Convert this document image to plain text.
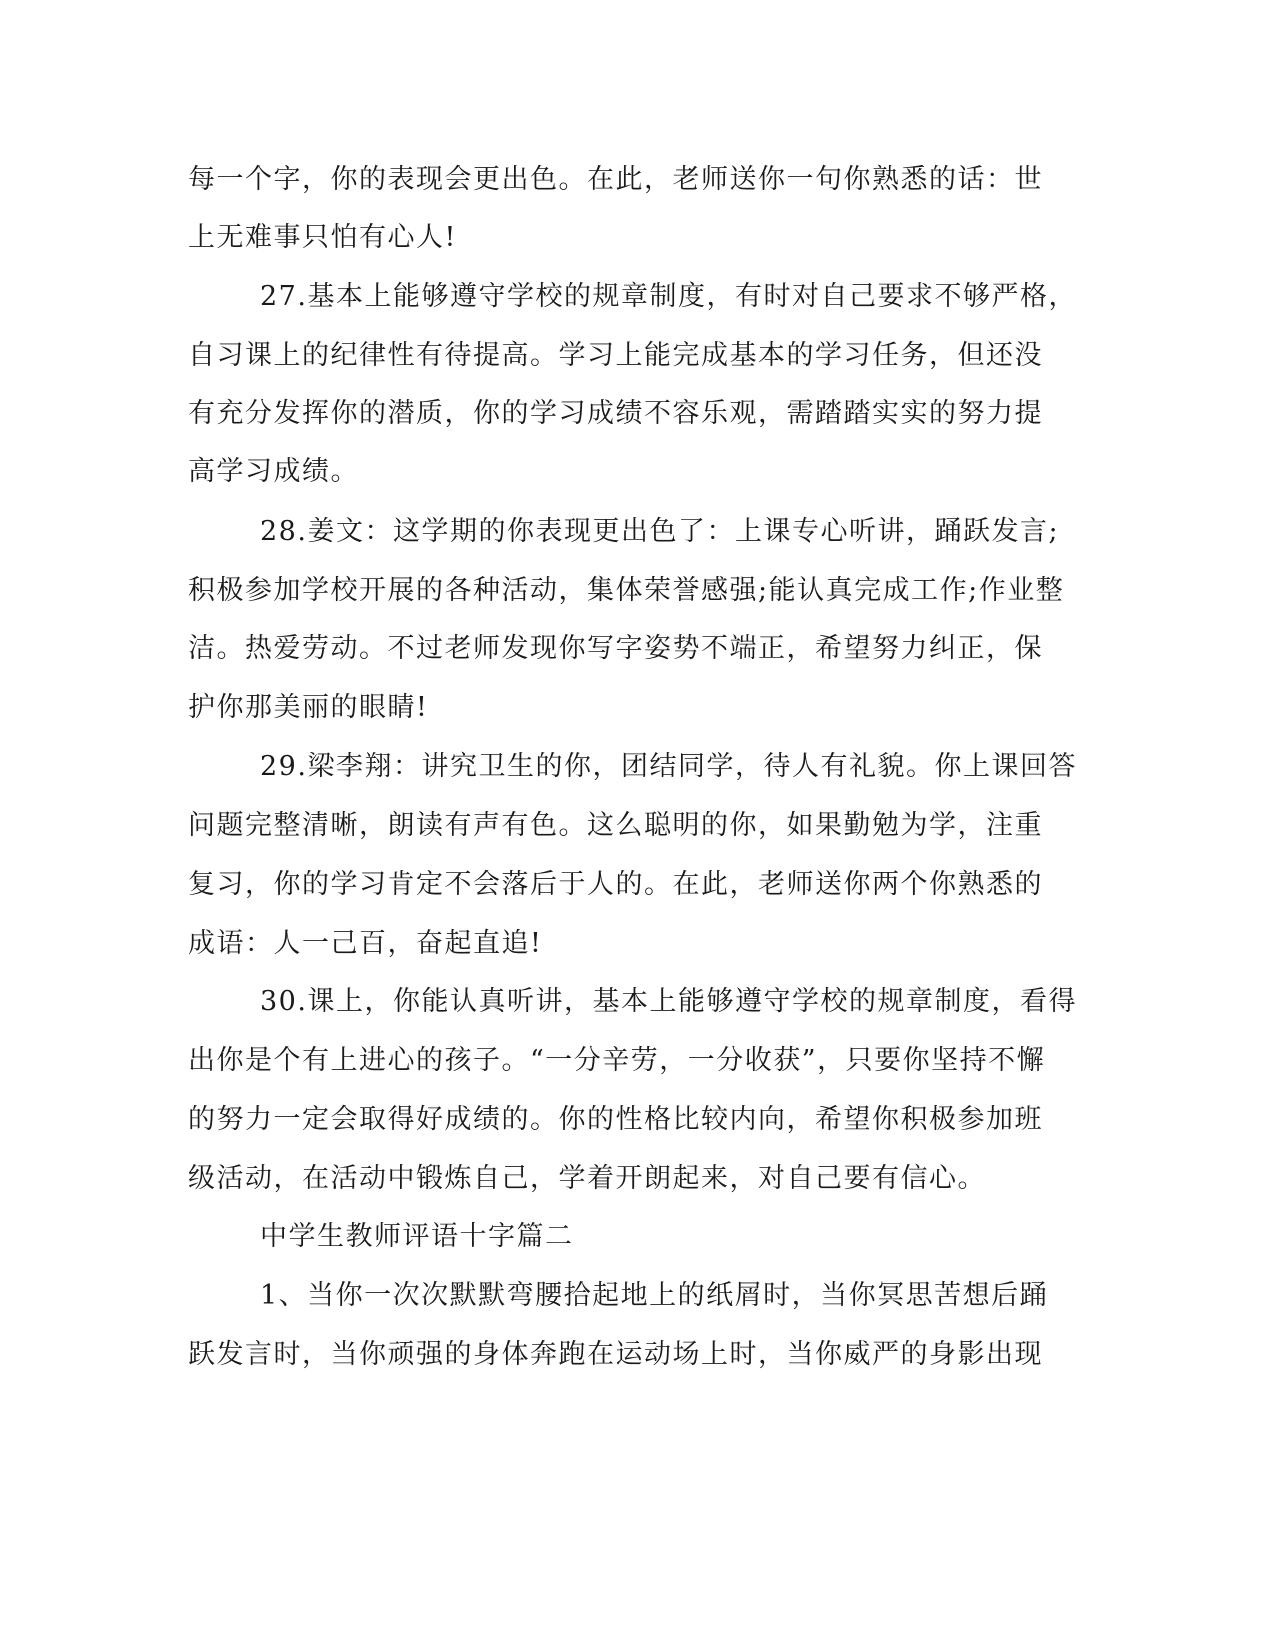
每一个字，你的表现会更出色。在此，老师送你一句你熟悉的话：世
上无难事只怕有心人!
27.基本上能够遵守学校的规章制度，有时对自己要求不够严格，
自习课上的纪律性有待提高。学习上能完成基本的学习任务，但还没
有充分发挥你的潜质，你的学习成绩不容乐观，需踏踏实实的努力提
高学习成绩。
28.姜文：这学期的你表现更出色了：上课专心听讲，踊跃发言;
积极参加学校开展的各种活动，集体荣誉感强;能认真完成工作;作业整
洁。热爱劳动。不过老师发现你写字姿势不端正，希望努力纠正，保
护你那美丽的眼睛!
29.梁李翔：讲究卫生的你，团结同学，待人有礼貌。你上课回答
问题完整清晰，朗读有声有色。这么聪明的你，如果勤勉为学，注重
复习，你的学习肯定不会落后于人的。在此，老师送你两个你熟悉的
成语：人一己百，奋起直追!
30.课上，你能认真听讲，基本上能够遵守学校的规章制度，看得
出你是个有上进心的孩子。“一分辛劳，一分收获”，只要你坚持不懈
的努力一定会取得好成绩的。你的性格比较内向，希望你积极参加班
级活动，在活动中锻炼自己，学着开朗起来，对自己要有信心。
中学生教师评语十字篇二
1、当你一次次默默弯腰拾起地上的纸屑时，当你冥思苦想后踊
跃发言时，当你顽强的身体奔跑在运动场上时，当你威严的身影出现
